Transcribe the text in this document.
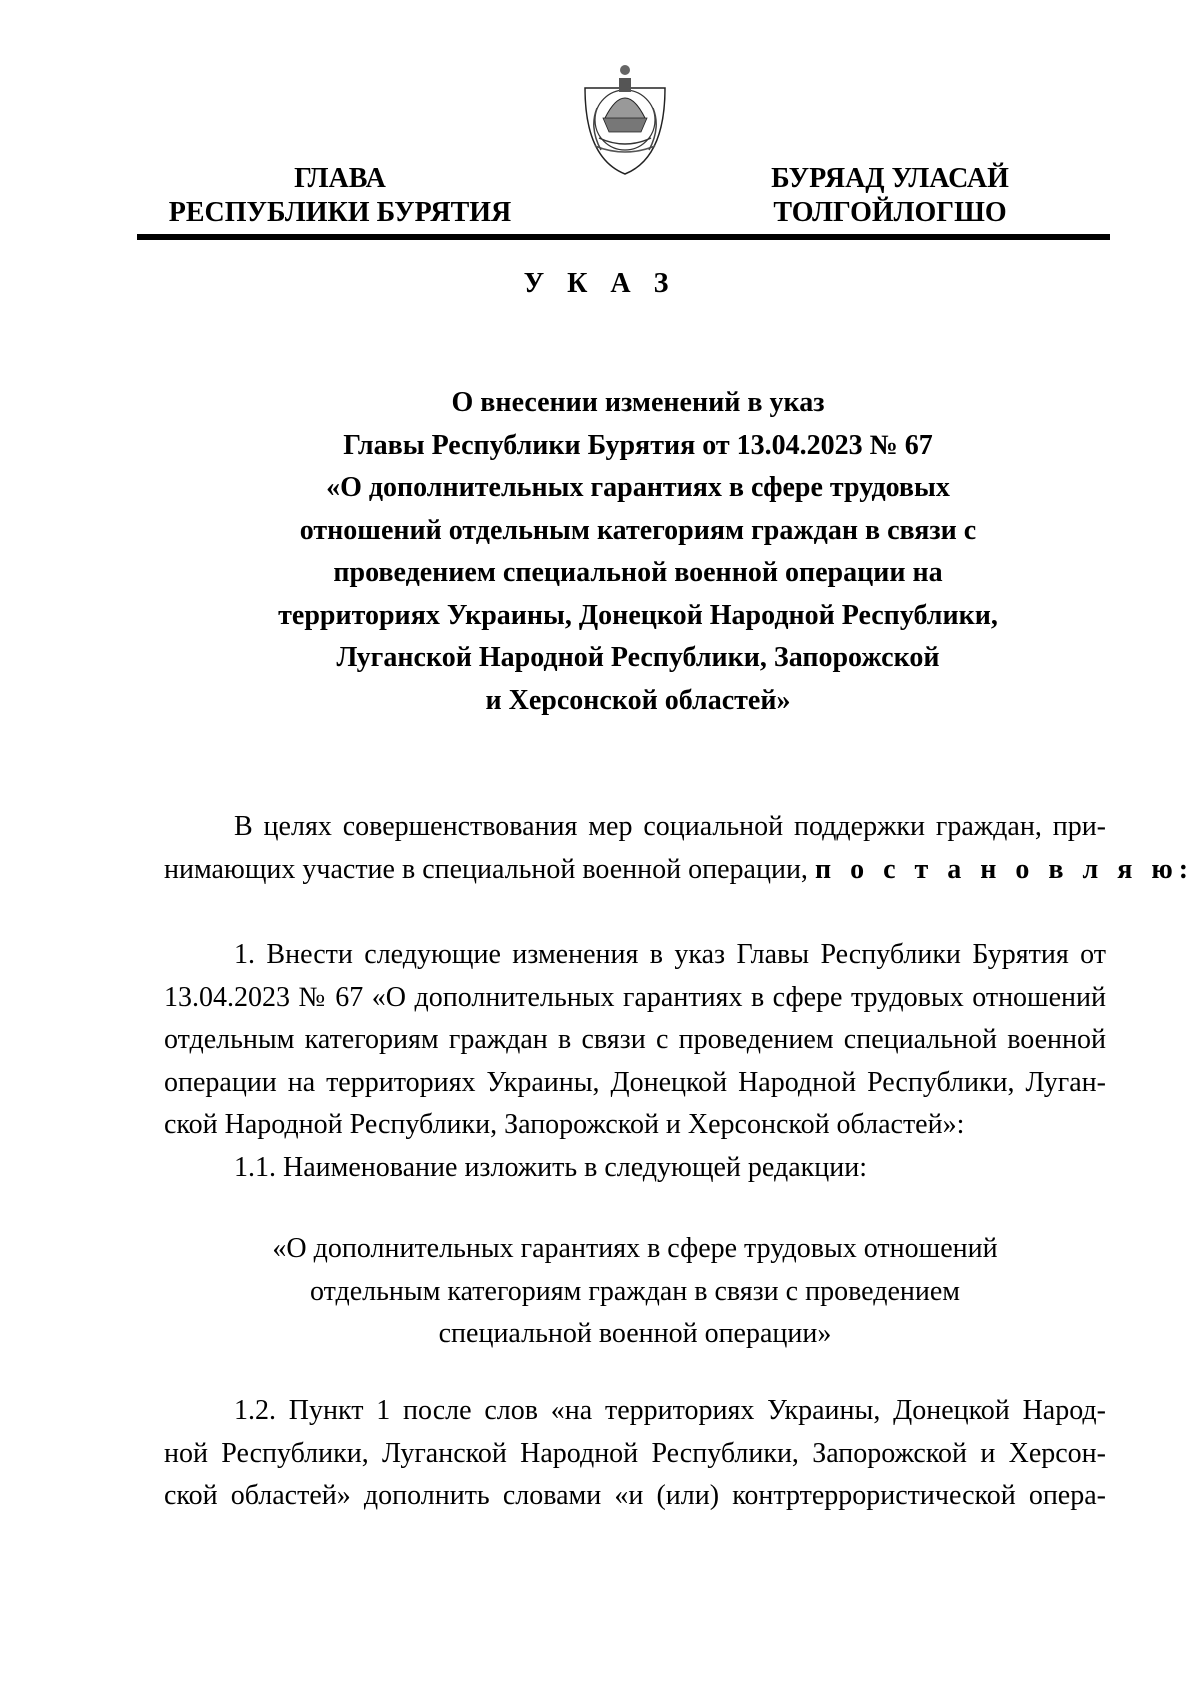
ГЛАВА
РЕСПУБЛИКИ БУРЯТИЯ
БУРЯАД УЛАСАЙ
ТОЛГОЙЛОГШО
У К А З
О внесении изменений в указ
Главы Республики Бурятия от 13.04.2023 № 67
«О дополнительных гарантиях в сфере трудовых
отношений отдельным категориям граждан в связи с
проведением специальной военной операции на
территориях Украины, Донецкой Народной Республики,
Луганской Народной Республики, Запорожской
и Херсонской областей»
В целях совершенствования мер социальной поддержки граждан, при-
нимающих участие в специальной военной операции, п о с т а н о в л я ю:
1. Внести следующие изменения в указ Главы Республики Бурятия от
13.04.2023 № 67 «О дополнительных гарантиях в сфере трудовых отношений
отдельным категориям граждан в связи с проведением специальной военной
операции на территориях Украины, Донецкой Народной Республики, Луган-
ской Народной Республики, Запорожской и Херсонской областей»:
1.1. Наименование изложить в следующей редакции:
«О дополнительных гарантиях в сфере трудовых отношений
отдельным категориям граждан в связи с проведением
специальной военной операции»
1.2. Пункт 1 после слов «на территориях Украины, Донецкой Народ-
ной Республики, Луганской Народной Республики, Запорожской и Херсон-
ской областей» дополнить словами «и (или) контртеррористической опера-
